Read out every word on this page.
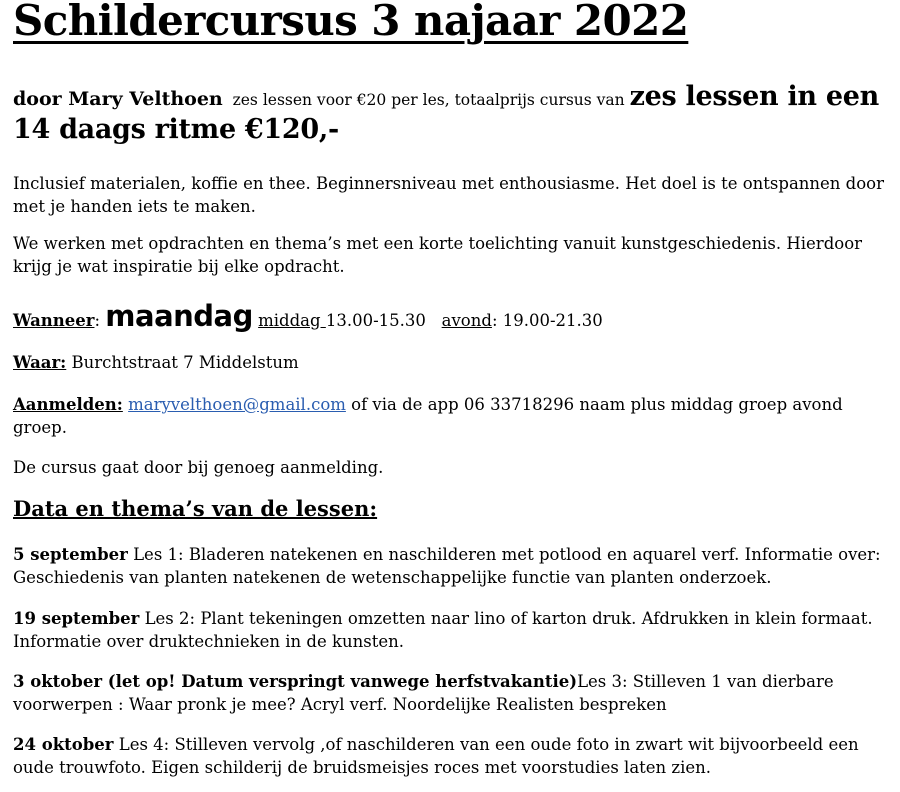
Schildercursus 3 najaar 2022

door Mary Velthoen zes lessen voor €20 per les, totaalprijs cursus van zes lessen in een 14 daags ritme €120,-

Inclusief materialen, koffie en thee. Beginnersniveau met enthousiasme. Het doel is te ontspannen door met je handen iets te maken.

We werken met opdrachten en thema’s met een korte toelichting vanuit kunstgeschiedenis. Hierdoor krijg je wat inspiratie bij elke opdracht.

Wanneer: maandag middag 13.00-15.30 avond: 19.00-21.30

Waar: Burchtstraat 7 Middelstum

Aanmelden: maryvelthoen@gmail.com of via de app 06 33718296 naam plus middag groep avond groep.

De cursus gaat door bij genoeg aanmelding.

Data en thema’s van de lessen:

5 september Les 1: Bladeren natekenen en naschilderen met potlood en aquarel verf. Informatie over: Geschiedenis van planten natekenen de wetenschappelijke functie van planten onderzoek.

19 september Les 2: Plant tekeningen omzetten naar lino of karton druk. Afdrukken in klein formaat. Informatie over druktechnieken in de kunsten.

3 oktober (let op! Datum verspringt vanwege herfstvakantie)Les 3: Stilleven 1 van dierbare voorwerpen : Waar pronk je mee? Acryl verf. Noordelijke Realisten bespreken

24 oktober Les 4: Stilleven vervolg ,of naschilderen van een oude foto in zwart wit bijvoorbeeld een oude trouwfoto. Eigen schilderij de bruidsmeisjes roces met voorstudies laten zien.
